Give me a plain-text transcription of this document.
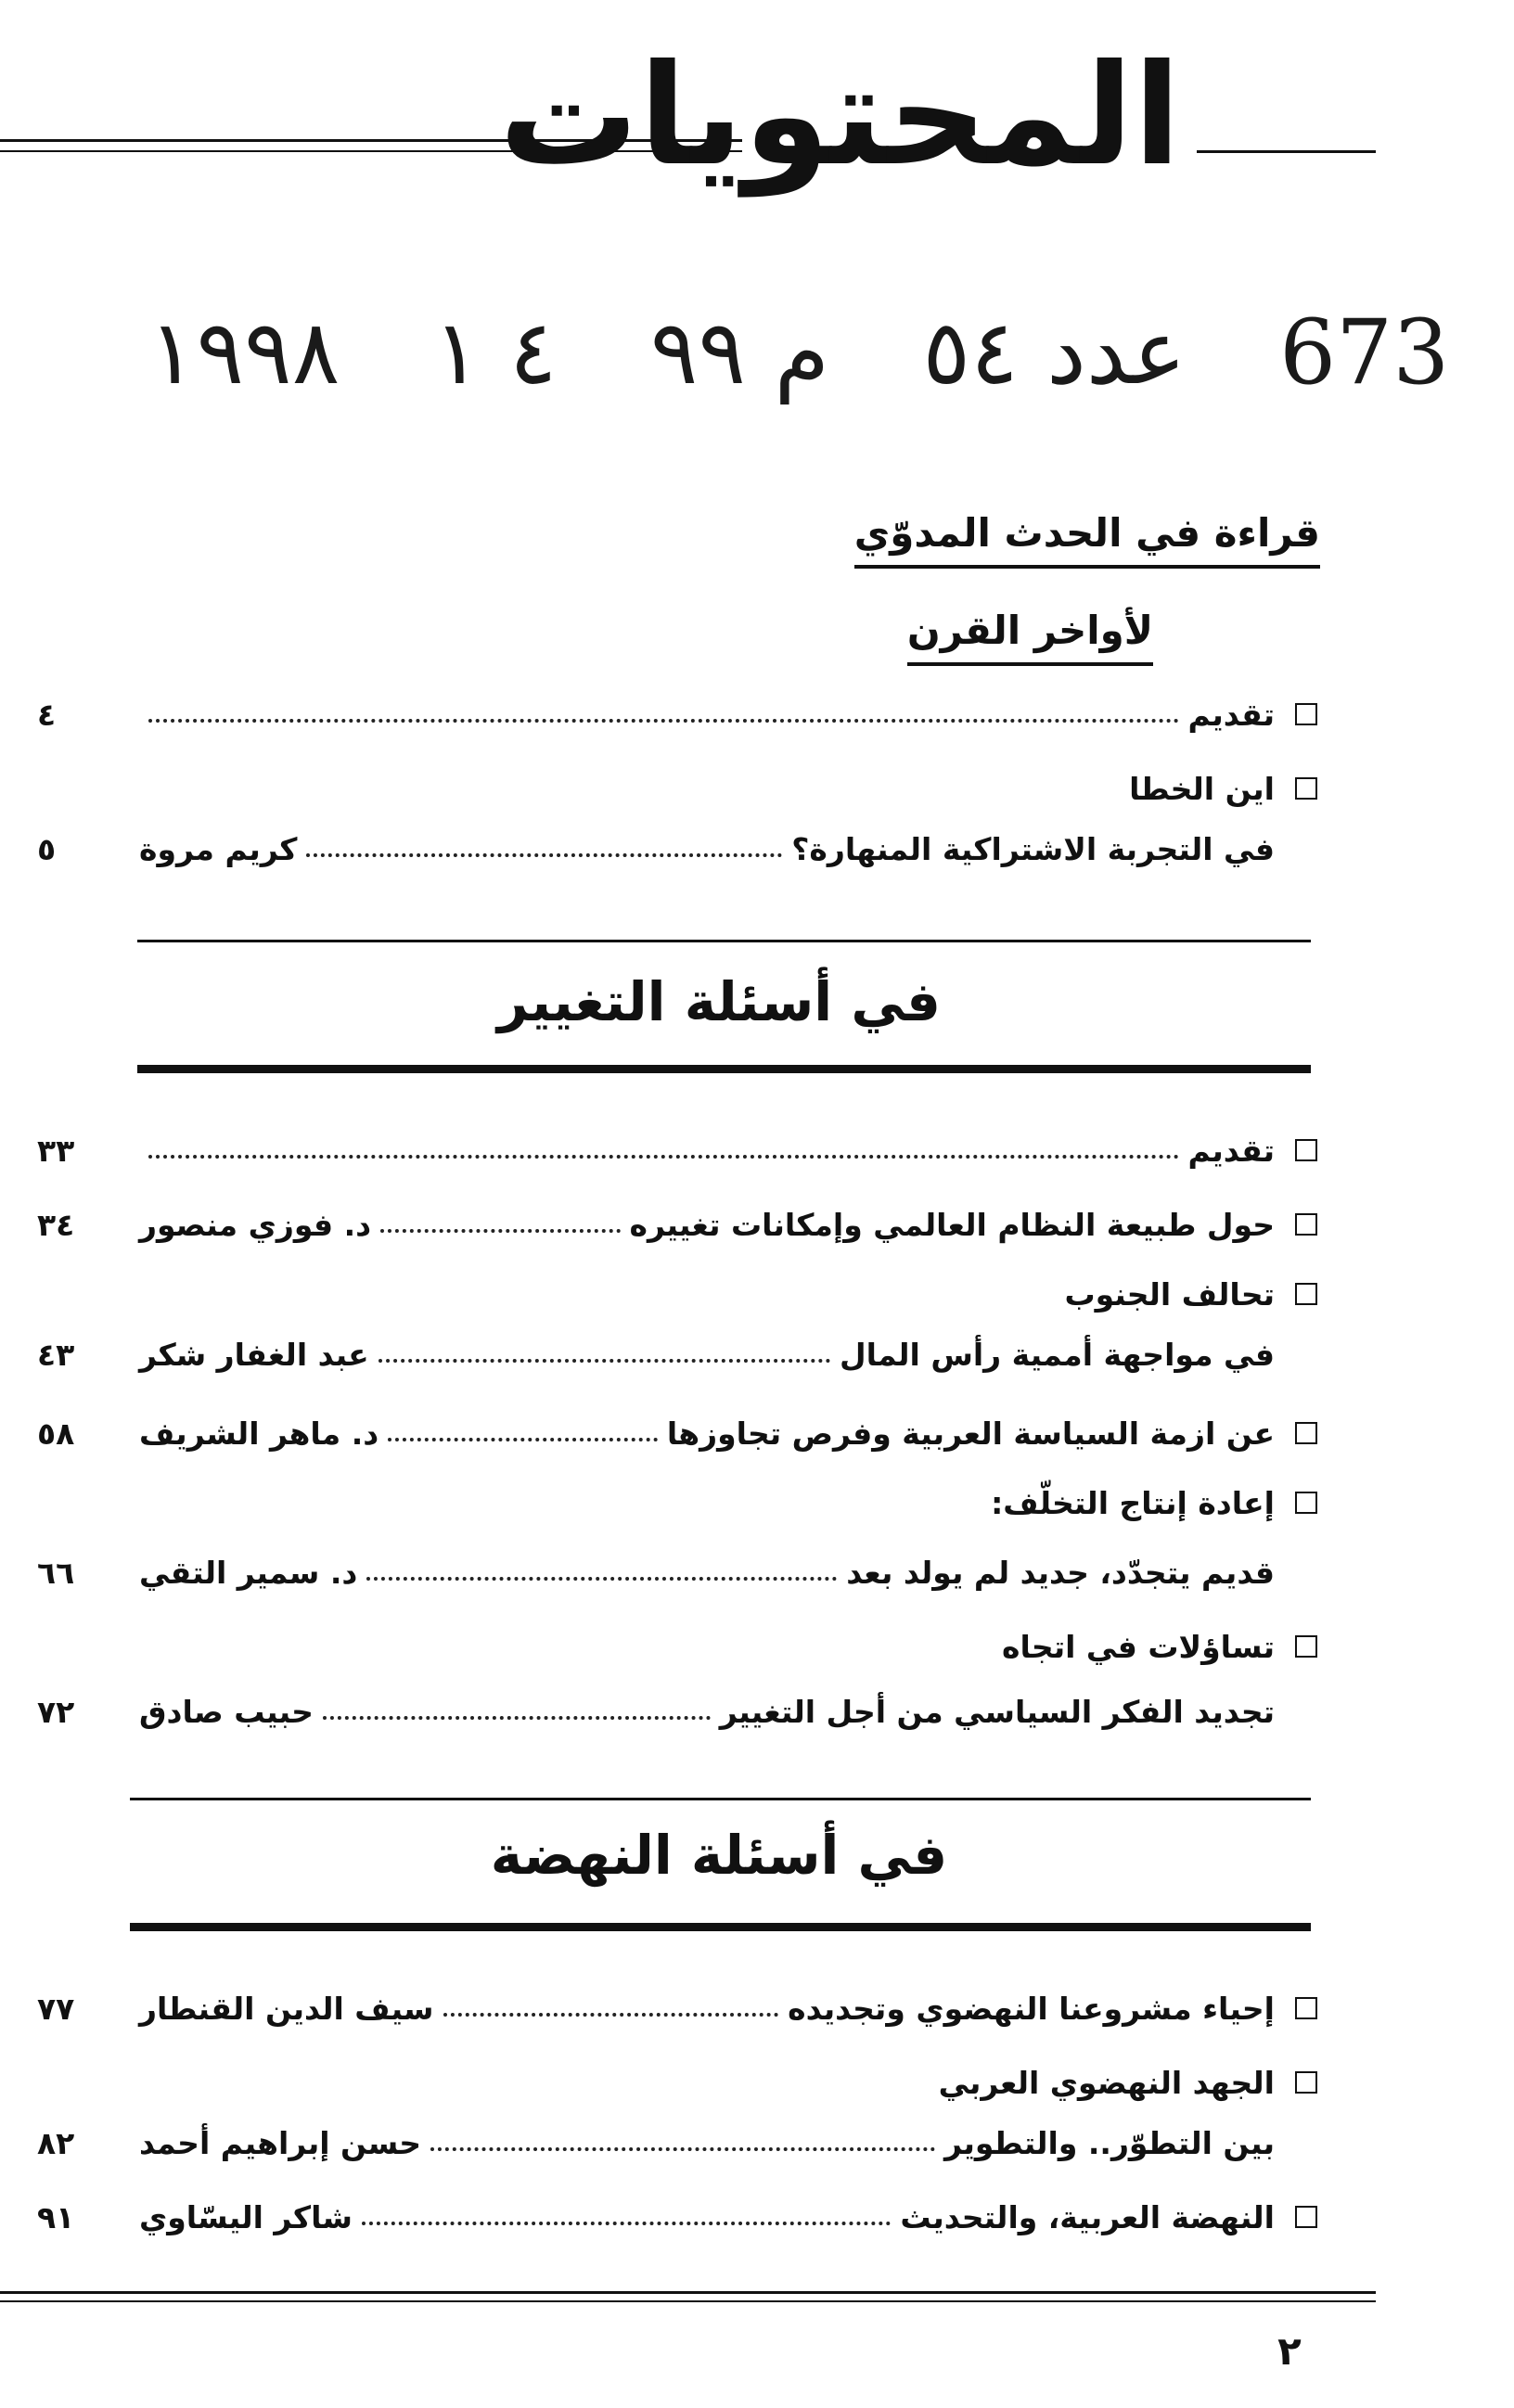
المحتويات
١٩٩٨ ٤ ١ م ٩٩ عدد ٥٤ 673
قراءة في الحدث المدوّي
لأواخر القرن
تقديم
٤
اين الخطا
في التجربة الاشتراكية المنهارة؟
كريم مروة
٥
في أسئلة التغيير
تقديم
٣٣
حول طبيعة النظام العالمي وإمكانات تغييره
د. فوزي منصور
٣٤
تحالف الجنوب
في مواجهة أممية رأس المال
عبد الغفار شكر
٤٣
عن ازمة السياسة العربية وفرص تجاوزها
د. ماهر الشريف
٥٨
إعادة إنتاج التخلّف:
قديم يتجدّد، جديد لم يولد بعد
د. سمير التقي
٦٦
تساؤلات في اتجاه
تجديد الفكر السياسي من أجل التغيير
حبيب صادق
٧٢
في أسئلة النهضة
إحياء مشروعنا النهضوي وتجديده
سيف الدين القنطار
٧٧
الجهد النهضوي العربي
بين التطوّر.. والتطوير
حسن إبراهيم أحمد
٨٢
النهضة العربية، والتحديث
شاكر اليسّاوي
٩١
٢
